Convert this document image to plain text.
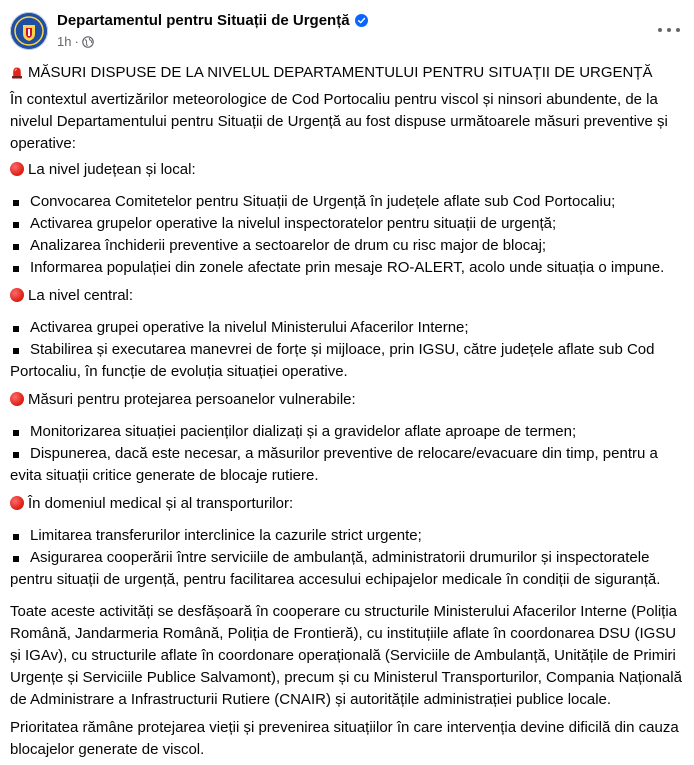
Departamentul pentru Situații de Urgență
1h ·

MĂSURI DISPUSE DE LA NIVELUL DEPARTAMENTULUI PENTRU SITUAȚII DE URGENȚĂ

În contextul avertizărilor meteorologice de Cod Portocaliu pentru viscol și ninsori abundente, de la nivelul Departamentului pentru Situații de Urgență au fost dispuse următoarele măsuri preventive și operative:

La nivel județean și local:

Convocarea Comitetelor pentru Situații de Urgență în județele aflate sub Cod Portocaliu;
Activarea grupelor operative la nivelul inspectoratelor pentru situații de urgență;
Analizarea închiderii preventive a sectoarelor de drum cu risc major de blocaj;
Informarea populației din zonele afectate prin mesaje RO-ALERT, acolo unde situația o impune.

La nivel central:

Activarea grupei operative la nivelul Ministerului Afacerilor Interne;
Stabilirea și executarea manevrei de forțe și mijloace, prin IGSU, către județele aflate sub Cod Portocaliu, în funcție de evoluția situației operative.

Măsuri pentru protejarea persoanelor vulnerabile:

Monitorizarea situației pacienților dializați și a gravidelor aflate aproape de termen;
Dispunerea, dacă este necesar, a măsurilor preventive de relocare/evacuare din timp, pentru a evita situații critice generate de blocaje rutiere.

În domeniul medical și al transporturilor:

Limitarea transferurilor interclinice la cazurile strict urgente;
Asigurarea cooperării între serviciile de ambulanță, administratorii drumurilor și inspectoratele pentru situații de urgență, pentru facilitarea accesului echipajelor medicale în condiții de siguranță.

Toate aceste activități se desfășoară în cooperare cu structurile Ministerului Afacerilor Interne (Poliția Română, Jandarmeria Română, Poliția de Frontieră), cu instituțiile aflate în coordonarea DSU (IGSU și IGAv), cu structurile aflate în coordonare operațională (Serviciile de Ambulanță, Unitățile de Primiri Urgențe și Serviciile Publice Salvamont), precum și cu Ministerul Transporturilor, Compania Națională de Administrare a Infrastructurii Rutiere (CNAIR) și autoritățile administrației publice locale.

Prioritatea rămâne protejarea vieții și prevenirea situațiilor în care intervenția devine dificilă din cauza blocajelor generate de viscol.
